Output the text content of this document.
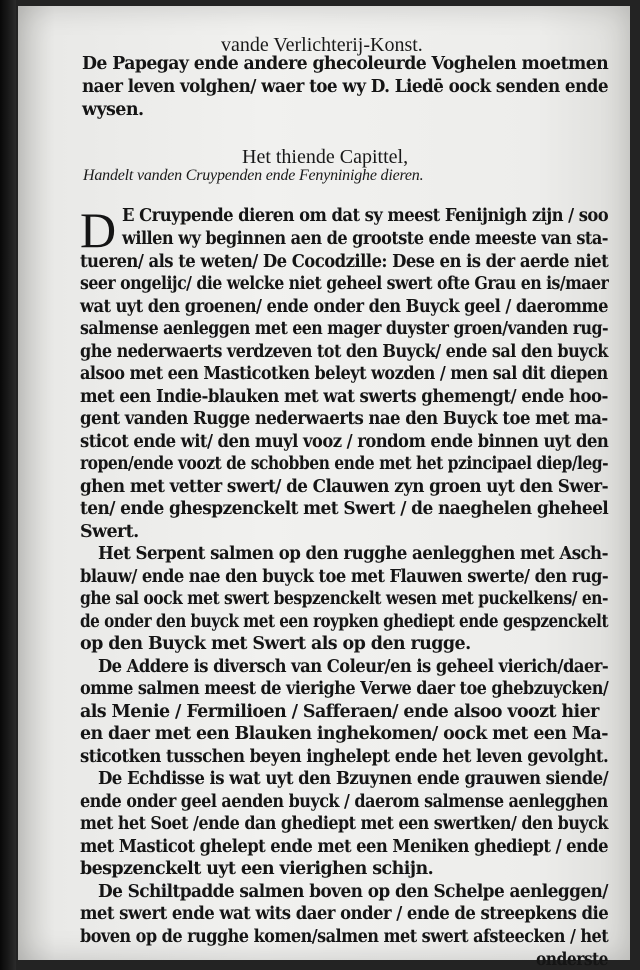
vande Verlichterij-Konst.
De Papegay ende andere ghecoleurde Voghelen moetmen
naer leven volghen/ waer toe wy D. Liedē oock senden ende
wysen.
Het thiende Capittel,
Handelt vanden Cruypenden ende Fenyninighe dieren.
D E Cruypende dieren om dat sy meest Fenijnigh zijn / soo
willen wy beginnen aen de grootste ende meeste van sta-
tueren/ als te weten/ De Cocodzille: Dese en is der aerde niet
seer ongelijc/ die welcke niet geheel swert ofte Grau en is/maer
wat uyt den groenen/ ende onder den Buyck geel / daeromme
salmense aenleggen met een mager duyster groen/vanden rug-
ghe nederwaerts verdzeven tot den Buyck/ ende sal den buyck
alsoo met een Masticotken beleyt wozden / men sal dit diepen
met een Indie-blauken met wat swerts ghemengt/ ende hoo-
gent vanden Rugge nederwaerts nae den Buyck toe met ma-
sticot ende wit/ den muyl vooz / rondom ende binnen uyt den
ropen/ende voozt de schobben ende met het pzincipael diep/leg-
ghen met vetter swert/ de Clauwen zyn groen uyt den Swer-
ten/ ende ghespzenckelt met Swert / de naeghelen gheheel
Swert.
Het Serpent salmen op den rugghe aenlegghen met Asch-
blauw/ ende nae den buyck toe met Flauwen swerte/ den rug-
ghe sal oock met swert bespzenckelt wesen met puckelkens/ en-
de onder den buyck met een roypken ghediept ende gespzenckelt
op den Buyck met Swert als op den rugge.
De Addere is diversch van Coleur/en is geheel vierich/daer-
omme salmen meest de vierighe Verwe daer toe ghebzuycken/
als Menie / Fermilioen / Safferaen/ ende alsoo voozt hier
en daer met een Blauken inghekomen/ oock met een Ma-
sticotken tusschen beyen inghelept ende het leven gevolght.
De Echdisse is wat uyt den Bzuynen ende grauwen siende/
ende onder geel aenden buyck / daerom salmense aenlegghen
met het Soet /ende dan ghediept met een swertken/ den buyck
met Masticot ghelept ende met een Meniken ghediept / ende
bespzenckelt uyt een vierighen schijn.
De Schiltpadde salmen boven op den Schelpe aenleggen/
met swert ende wat wits daer onder / ende de streepkens die
boven op de rugghe komen/salmen met swert afsteecken / het
onderste
